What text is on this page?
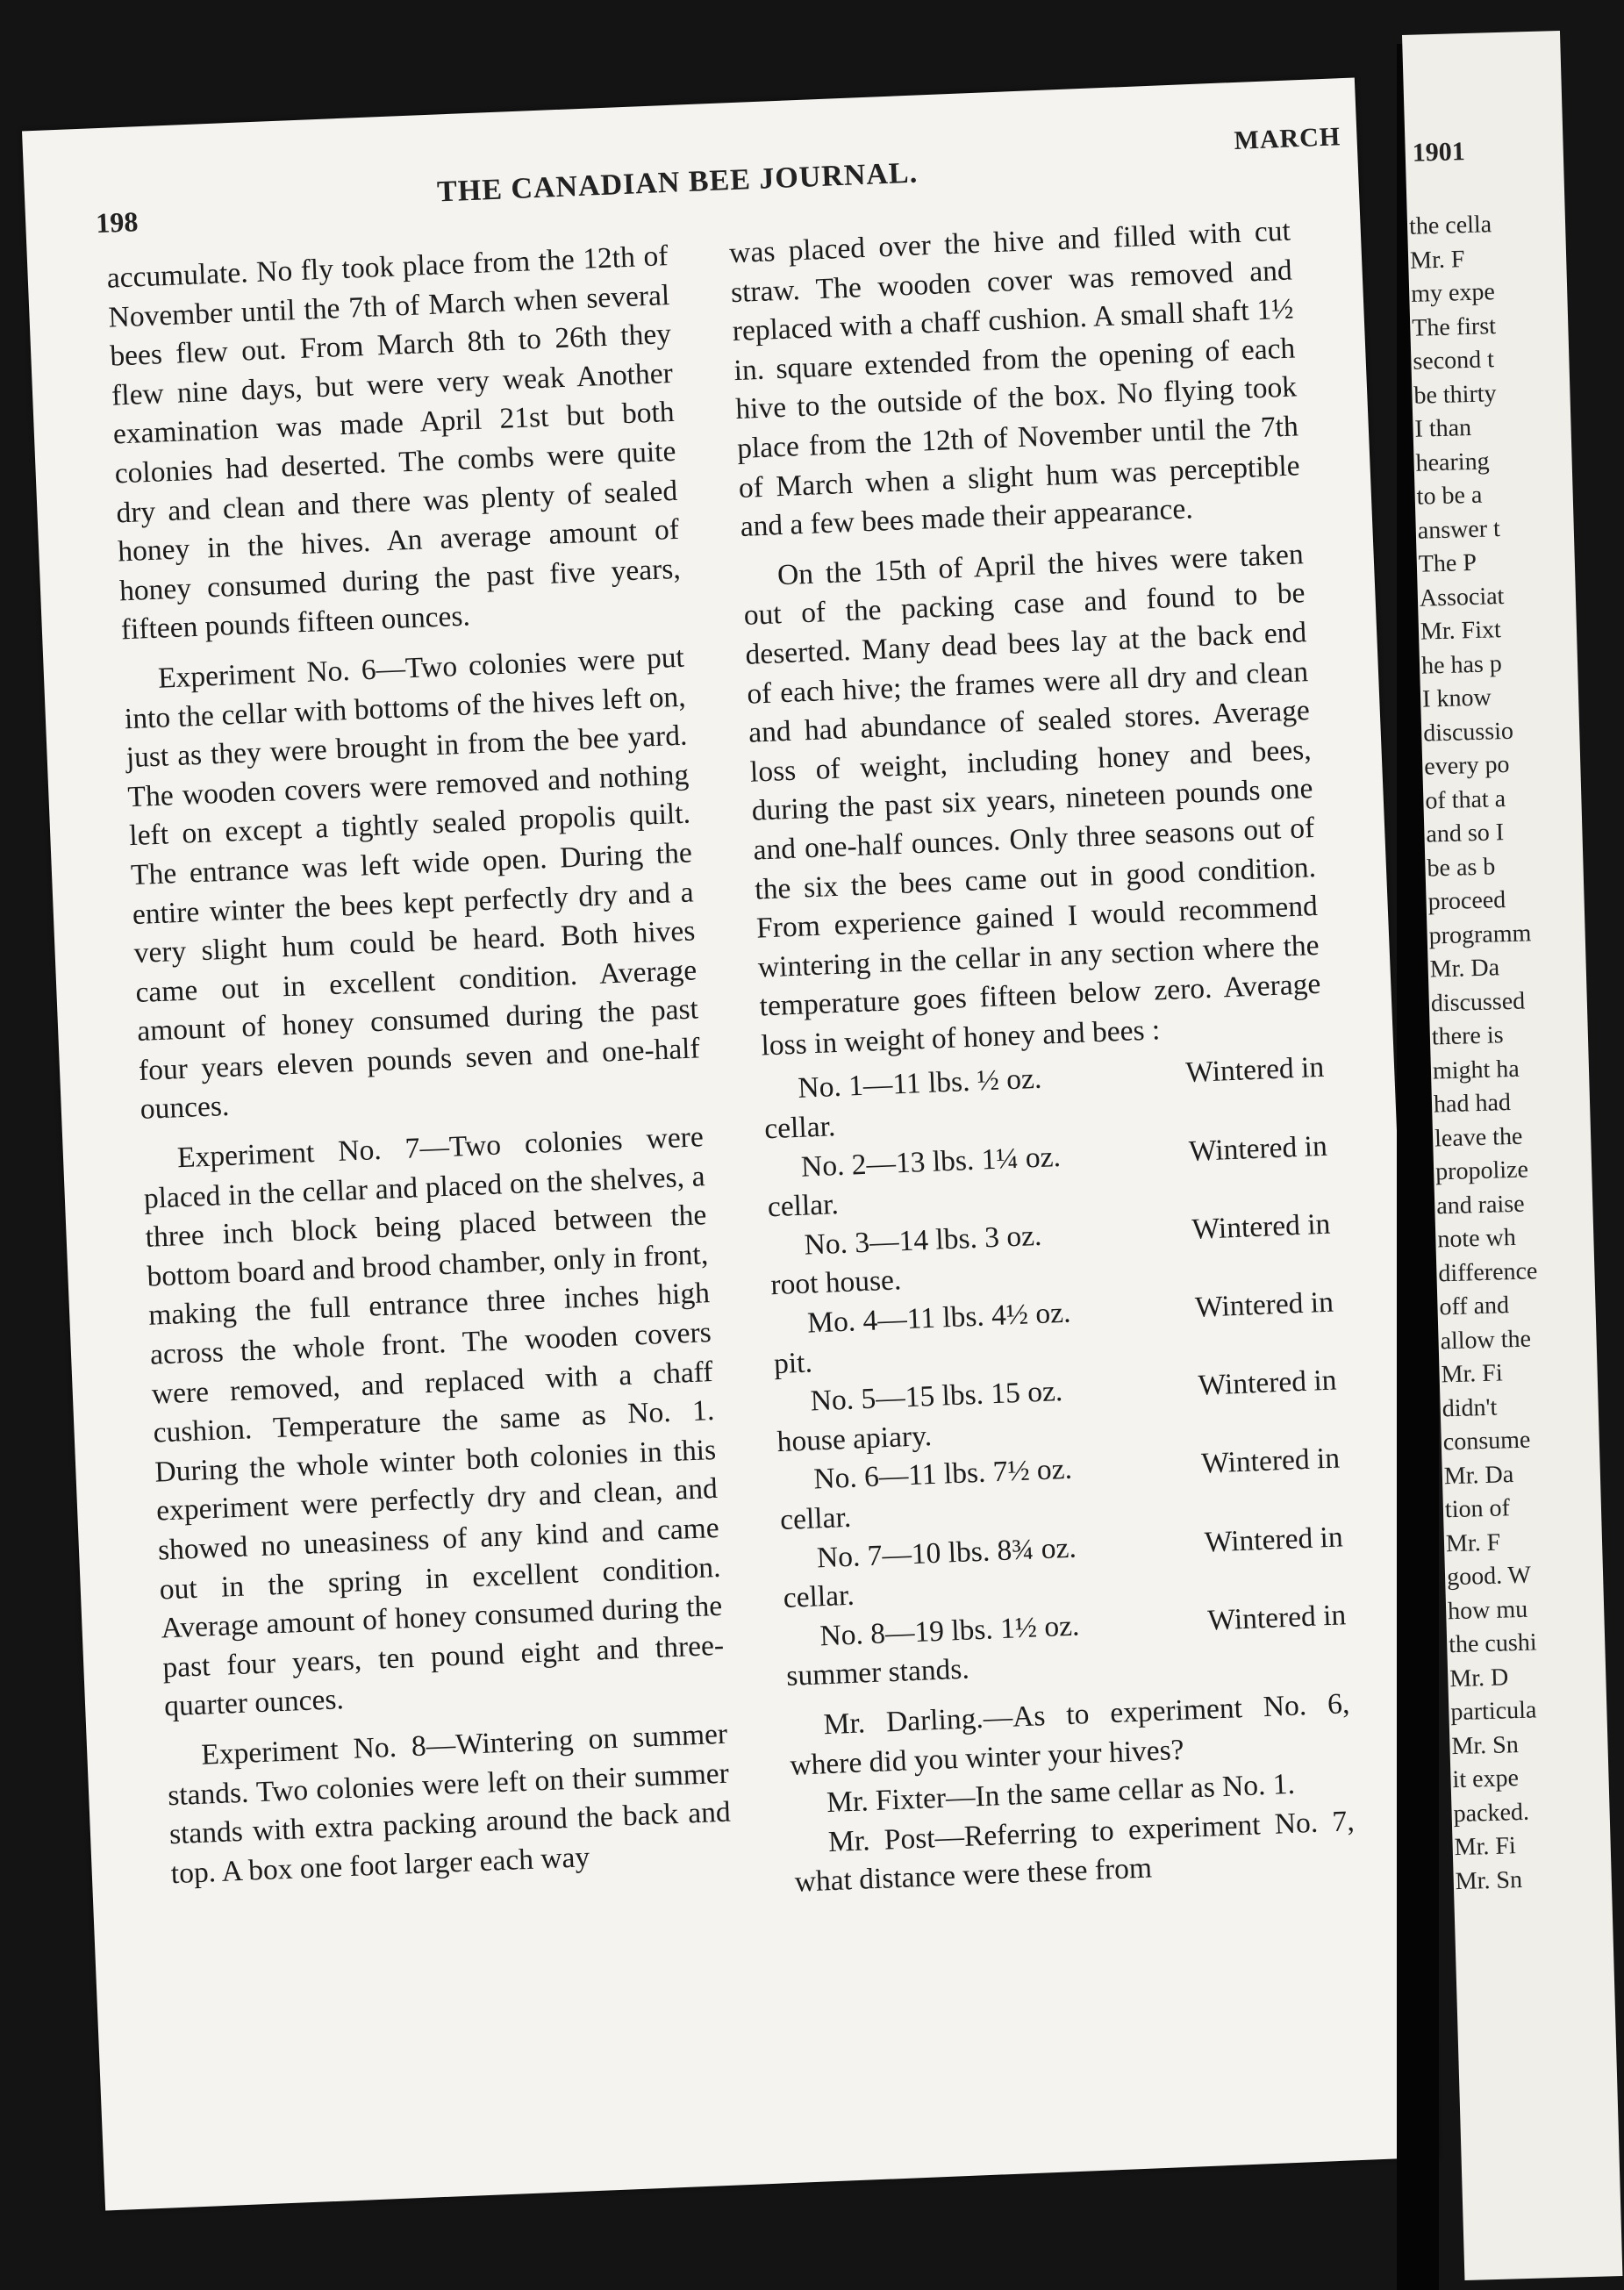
198
THE CANADIAN BEE JOURNAL.
MARCH

accumulate. No fly took place from the 12th of November until the 7th of March when several bees flew out. From March 8th to 26th they flew nine days, but were very weak Another examination was made April 21st but both colonies had deserted. The combs were quite dry and clean and there was plenty of sealed honey in the hives. An average amount of honey consumed during the past five years, fifteen pounds fifteen ounces.

Experiment No. 6—Two colonies were put into the cellar with bottoms of the hives left on, just as they were brought in from the bee yard. The wooden covers were removed and nothing left on except a tightly sealed propolis quilt. The entrance was left wide open. During the entire winter the bees kept perfectly dry and a very slight hum could be heard. Both hives came out in excellent condition. Average amount of honey consumed during the past four years eleven pounds seven and one-half ounces.

Experiment No. 7—Two colonies were placed in the cellar and placed on the shelves, a three inch block being placed between the bottom board and brood chamber, only in front, making the full entrance three inches high across the whole front. The wooden covers were removed, and replaced with a chaff cushion. Temperature the same as No. 1. During the whole winter both colonies in this experiment were perfectly dry and clean, and showed no uneasiness of any kind and came out in the spring in excellent condition. Average amount of honey consumed during the past four years, ten pound eight and three-quarter ounces.

Experiment No. 8—Wintering on summer stands. Two colonies were left on their summer stands with extra packing around the back and top. A box one foot larger each way

was placed over the hive and filled with cut straw. The wooden cover was removed and replaced with a chaff cushion. A small shaft 1½ in. square extended from the opening of each hive to the outside of the box. No flying took place from the 12th of November until the 7th of March when a slight hum was perceptible and a few bees made their appearance.

On the 15th of April the hives were taken out of the packing case and found to be deserted. Many dead bees lay at the back end of each hive; the frames were all dry and clean and had abundance of sealed stores. Average loss of weight, including honey and bees, during the past six years, nineteen pounds one and one-half ounces. Only three seasons out of the six the bees came out in good condition. From experience gained I would recommend wintering in the cellar in any section where the temperature goes fifteen below zero. Average loss in weight of honey and bees :

No. 1—11 lbs. ½ oz.	Wintered in
cellar.
No. 2—13 lbs. 1¼ oz.	Wintered in
cellar.
No. 3—14 lbs. 3 oz.	Wintered in
root house.
Mo. 4—11 lbs. 4½ oz.	Wintered in
pit.
No. 5—15 lbs. 15 oz.	Wintered in
house apiary.
No. 6—11 lbs. 7½ oz.	Wintered in
cellar.
No. 7—10 lbs. 8¾ oz.	Wintered in
cellar.
No. 8—19 lbs. 1½ oz.	Wintered in
summer stands.

Mr. Darling.—As to experiment No. 6, where did you winter your hives?

Mr. Fixter—In the same cellar as No. 1.

Mr. Post—Referring to experiment No. 7, what distance were these from

1901
the cella
Mr. F
my expe
The first
second t
be thirty
I than
hearing
to be a
answer t
The P
Associat
Mr. Fixt
he has p
I know
discussio
every po
of that a
and so I
be as b
proceed
programm
Mr. Da
discussed
there is
might ha
had had
leave the
propolize
and raise
note wh
difference
off and
allow the
Mr. Fi
didn't
consume
Mr. Da
tion of
Mr. F
good. W
how mu
the cushi
Mr. D
particula
Mr. Sn
it expe
packed.
Mr. Fi
Mr. Sn
